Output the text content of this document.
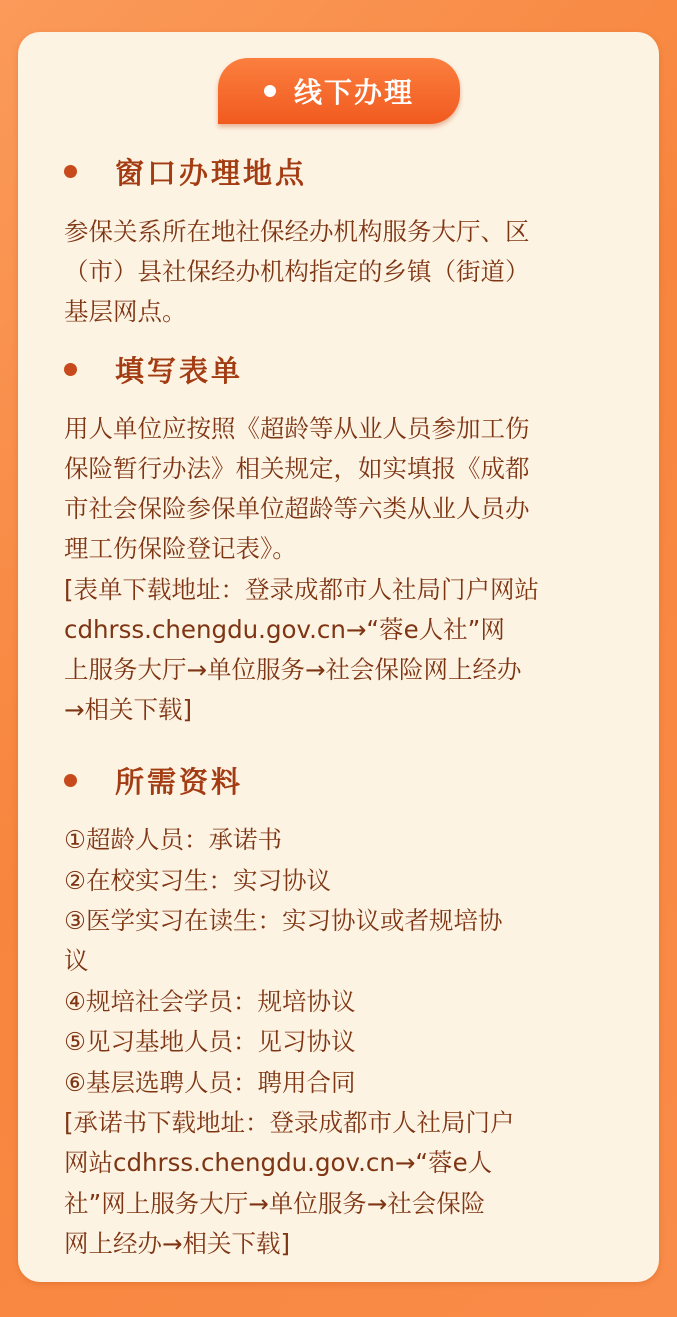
线下办理
窗口办理地点
参保关系所在地社保经办机构服务大厅、区
（市）县社保经办机构指定的乡镇（街道）
基层网点。
填写表单
用人单位应按照《超龄等从业人员参加工伤
保险暂行办法》相关规定，如实填报《成都
市社会保险参保单位超龄等六类从业人员办
理工伤保险登记表》。
[表单下载地址：登录成都市人社局门户网站
cdhrss.chengdu.gov.cn→“蓉e人社”网
上服务大厅→单位服务→社会保险网上经办
→相关下载]
所需资料
①超龄人员：承诺书
②在校实习生：实习协议
③医学实习在读生：实习协议或者规培协
议
④规培社会学员：规培协议
⑤见习基地人员：见习协议
⑥基层选聘人员：聘用合同
[承诺书下载地址：登录成都市人社局门户
网站cdhrss.chengdu.gov.cn→“蓉e人
社”网上服务大厅→单位服务→社会保险
网上经办→相关下载]
